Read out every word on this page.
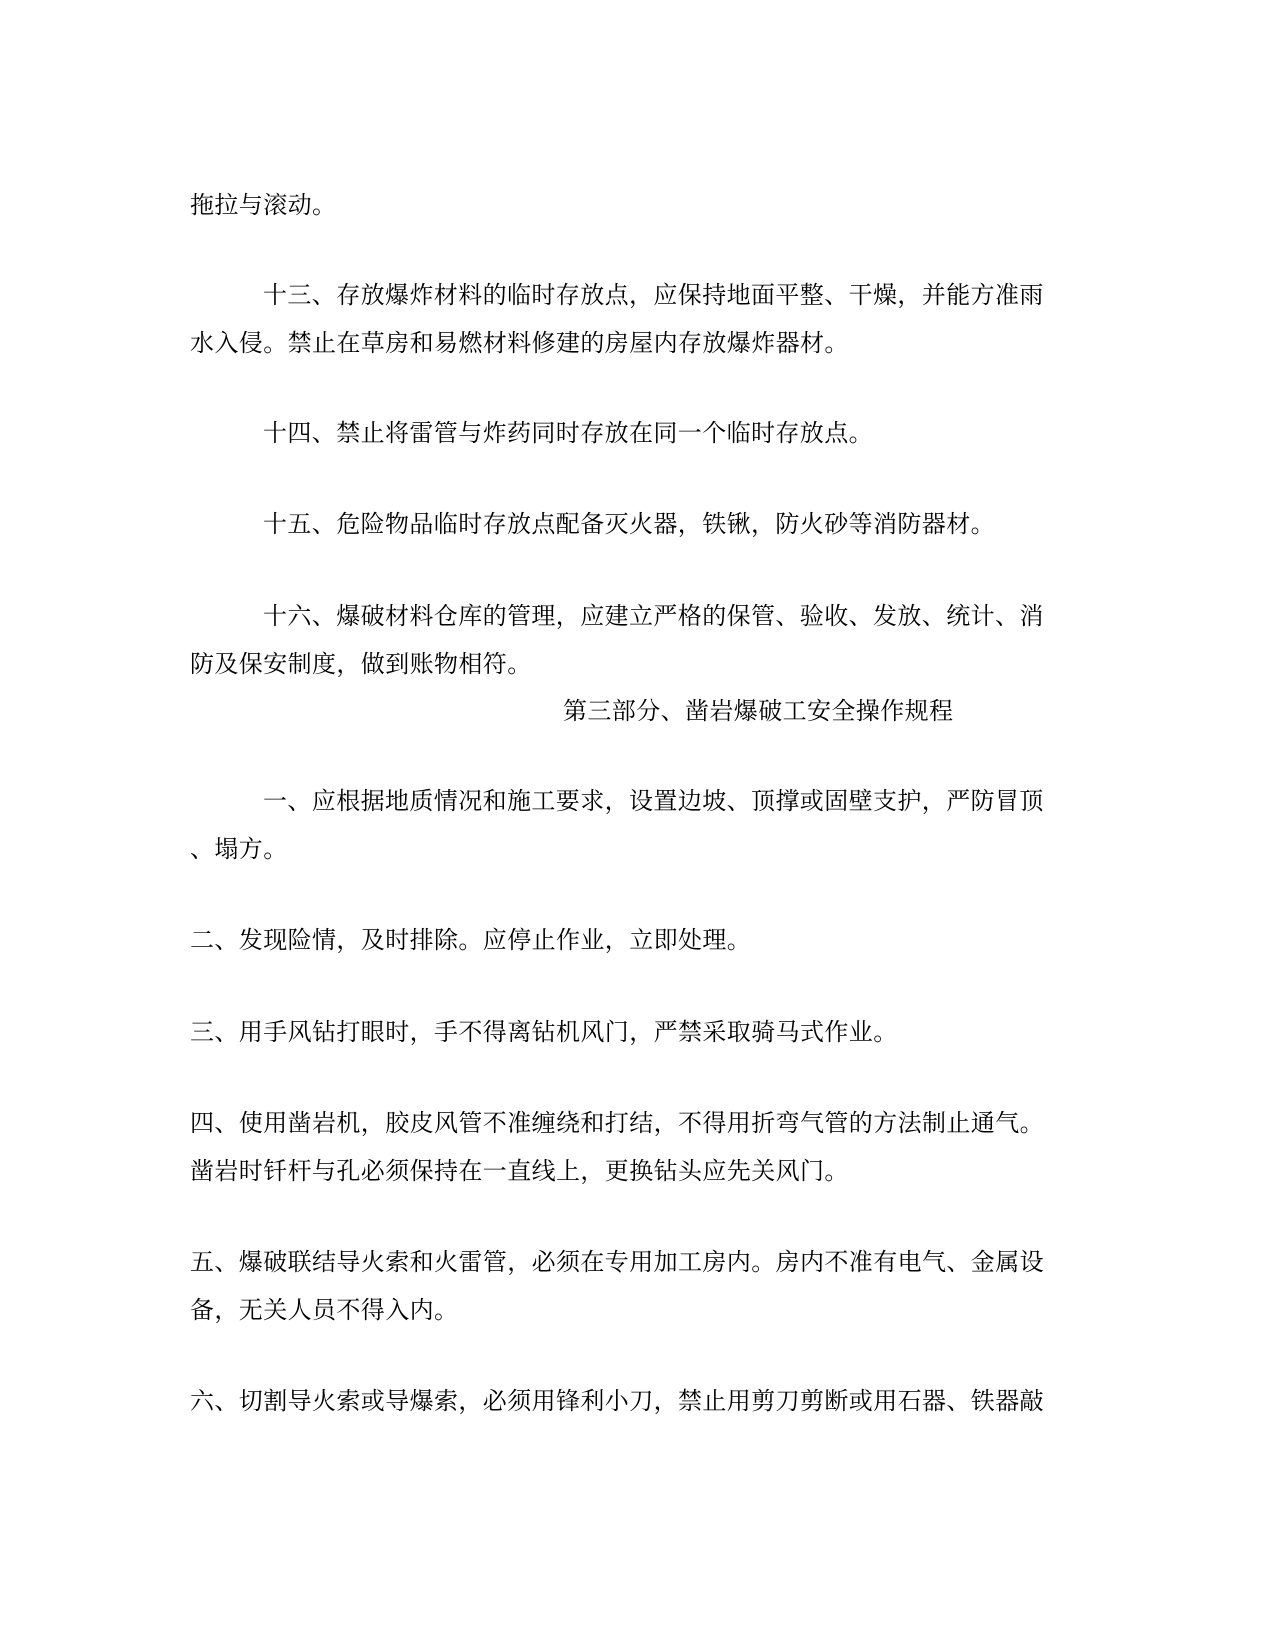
拖拉与滚动。

十三、存放爆炸材料的临时存放点，应保持地面平整、干燥，并能方准雨

水入侵。禁止在草房和易燃材料修建的房屋内存放爆炸器材。

十四、禁止将雷管与炸药同时存放在同一个临时存放点。

十五、危险物品临时存放点配备灭火器，铁锹，防火砂等消防器材。

十六、爆破材料仓库的管理，应建立严格的保管、验收、发放、统计、消

防及保安制度，做到账物相符。

第三部分、凿岩爆破工安全操作规程

一、应根据地质情况和施工要求，设置边坡、顶撑或固壁支护，严防冒顶

、塌方。

二、发现险情，及时排除。应停止作业，立即处理。

三、用手风钻打眼时，手不得离钻机风门，严禁采取骑马式作业。

四、使用凿岩机，胶皮风管不准缠绕和打结，不得用折弯气管的方法制止通气。

凿岩时钎杆与孔必须保持在一直线上，更换钻头应先关风门。

五、爆破联结导火索和火雷管，必须在专用加工房内。房内不准有电气、金属设

备，无关人员不得入内。

六、切割导火索或导爆索，必须用锋利小刀，禁止用剪刀剪断或用石器、铁器敲
